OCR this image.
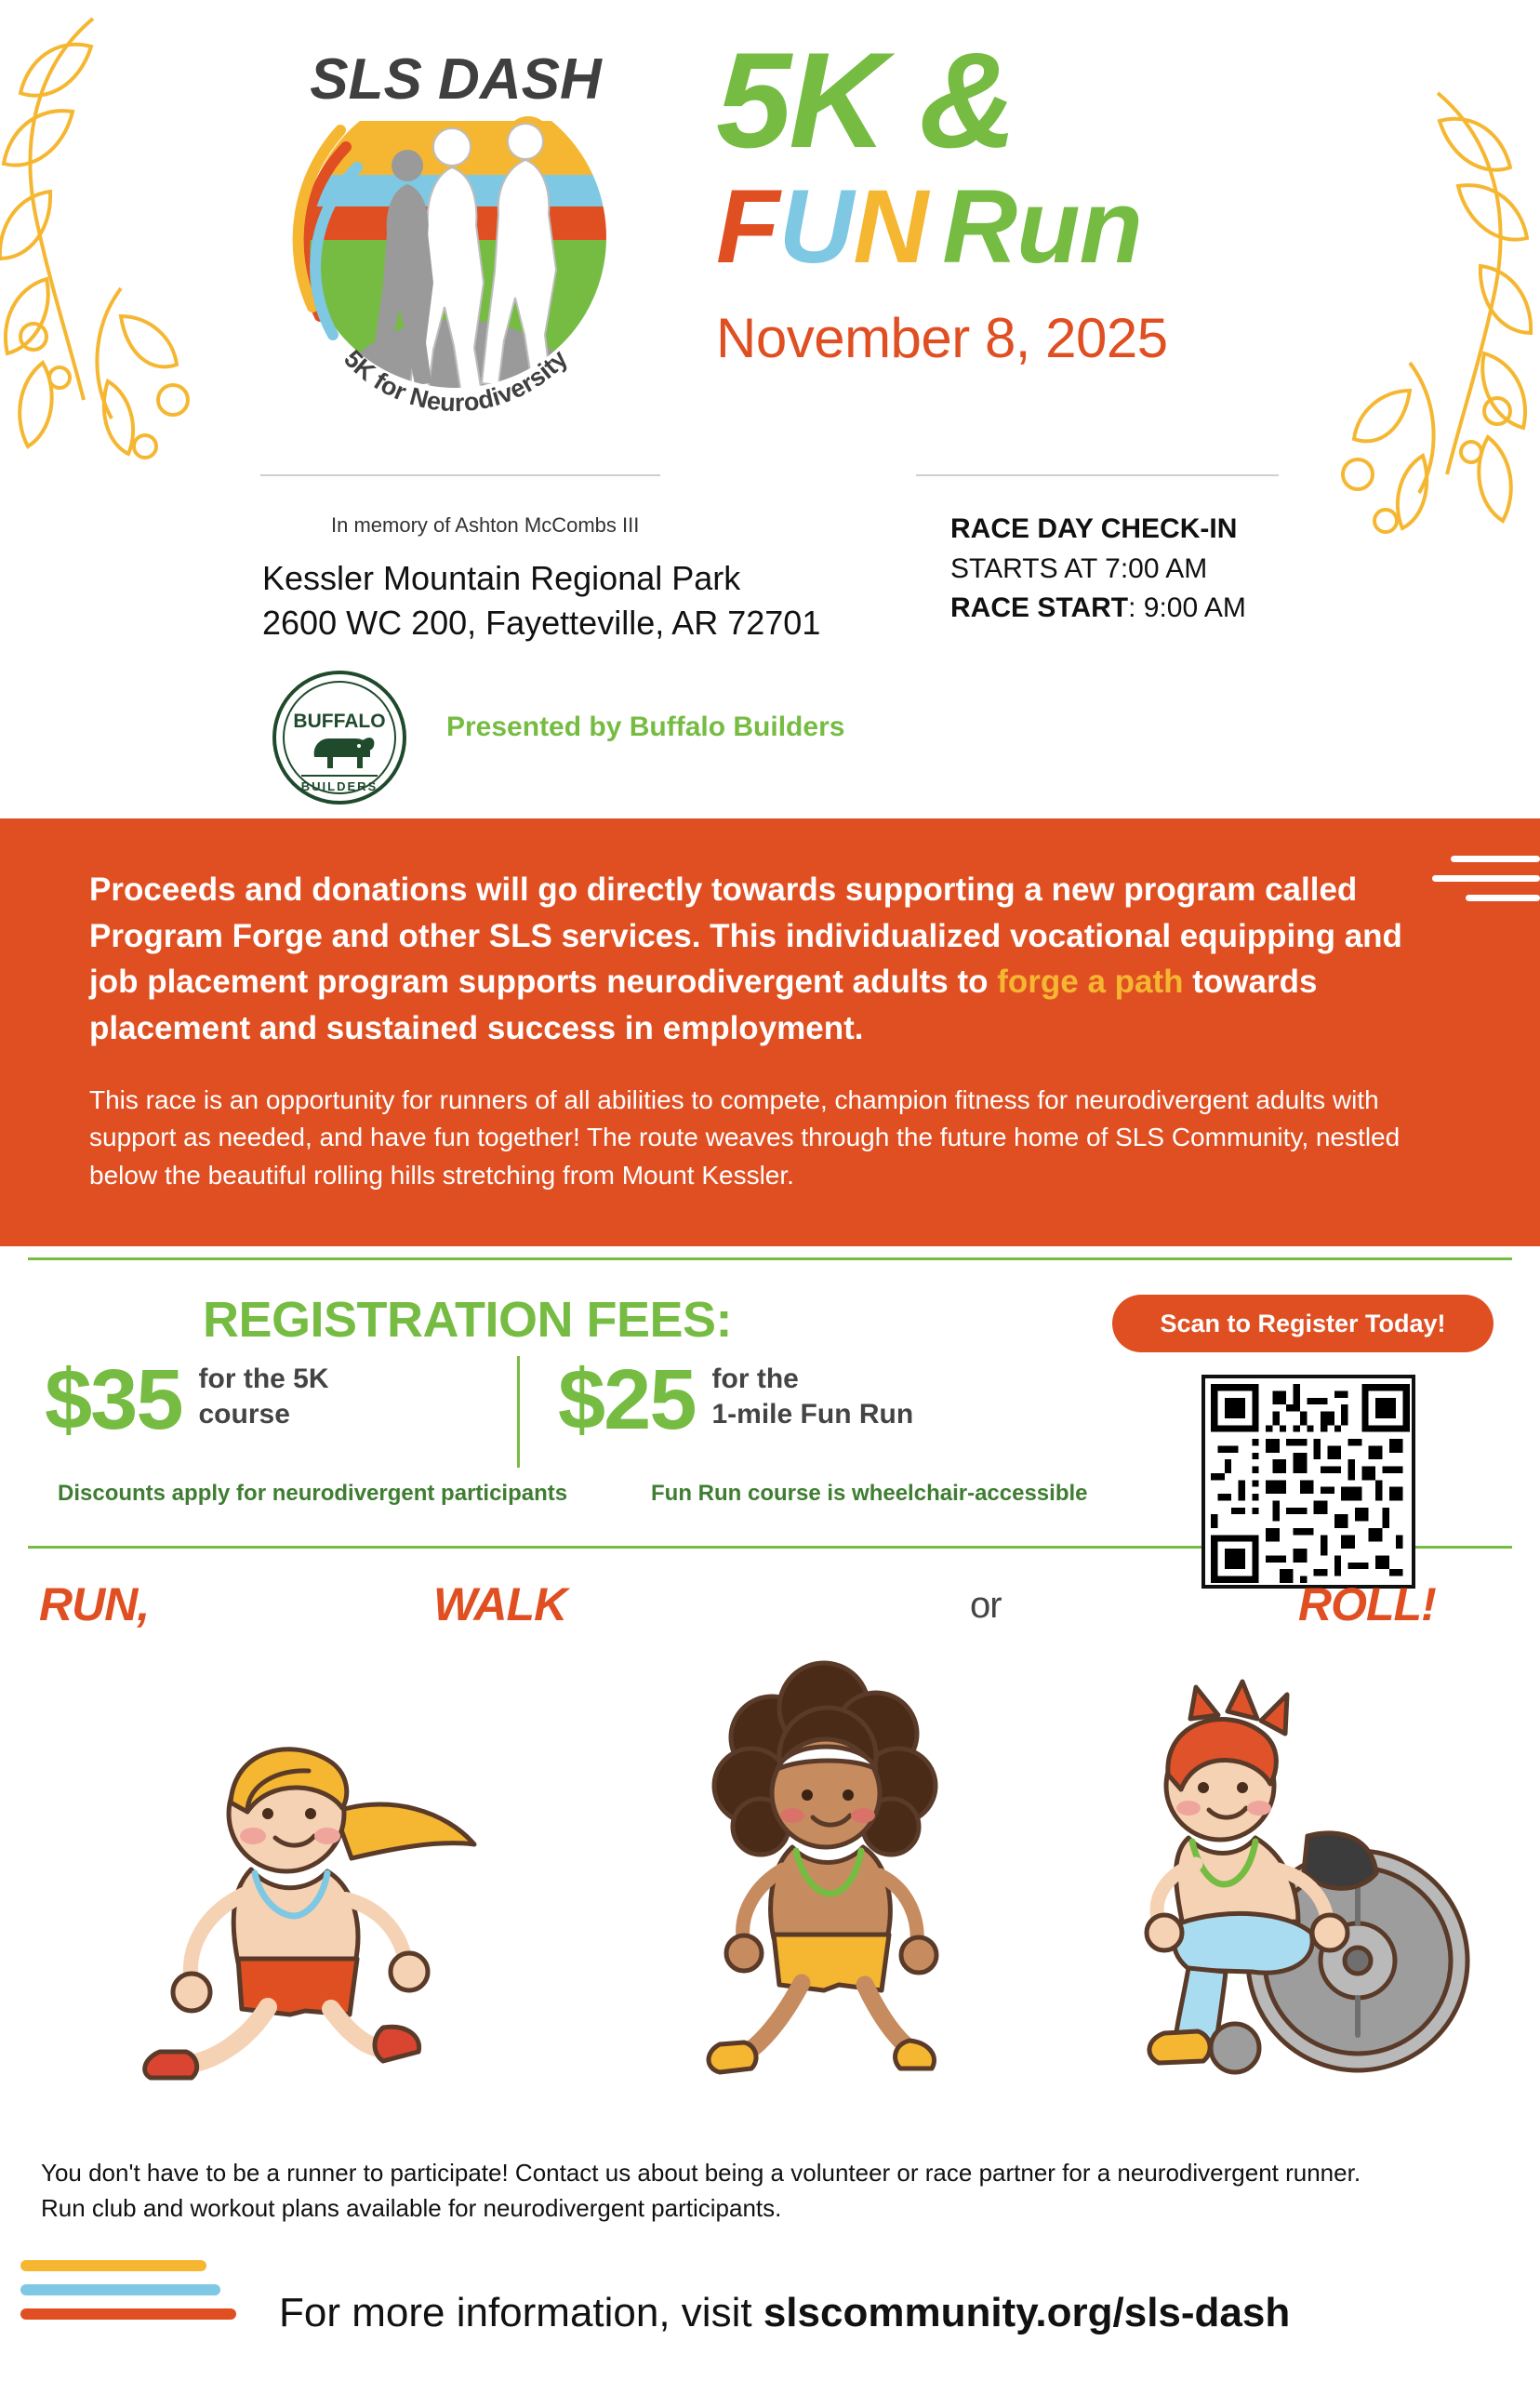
SLS DASH
5K for Neurodiversity
5K &
FUN Run
November 8, 2025
In memory of Ashton McCombs III
Kessler Mountain Regional Park
2600 WC 200, Fayetteville, AR 72701
RACE DAY CHECK-IN
STARTS AT 7:00 AM
RACE START: 9:00 AM
BUFFALO
BUILDERS
Presented by Buffalo Builders
Proceeds and donations will go directly towards supporting a new program called Program Forge and other SLS services. This individualized vocational equipping and job placement program supports neurodivergent adults to forge a path towards placement and sustained success in employment.
This race is an opportunity for runners of all abilities to compete, champion fitness for neurodivergent adults with support as needed, and have fun together! The route weaves through the future home of SLS Community, nestled below the beautiful rolling hills stretching from Mount Kessler.
REGISTRATION FEES:
$35 for the 5K
course	$25 for the
1-mile Fun Run
Discounts apply for neurodivergent participants	Fun Run course is wheelchair-accessible
Scan to Register Today!
RUN,	WALK	or	ROLL!
You don't have to be a runner to participate! Contact us about being a volunteer or race partner for a neurodivergent runner.
Run club and workout plans available for neurodivergent participants.
For more information, visit slscommunity.org/sls-dash
